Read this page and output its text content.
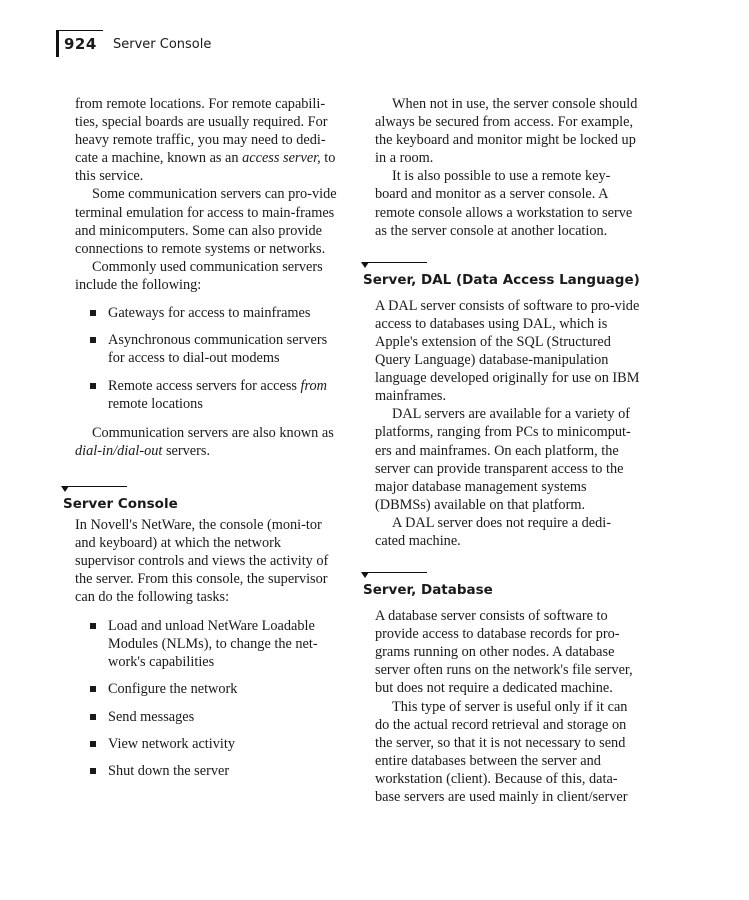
924 Server Console

from remote locations. For remote capabili-ties, special boards are usually required. For heavy remote traffic, you may need to dedi-cate a machine, known as an access server, to this service.

Some communication servers can pro-vide terminal emulation for access to main-frames and minicomputers. Some can also provide connections to remote systems or networks.

Commonly used communication servers include the following:

Gateways for access to mainframes

Asynchronous communication servers for access to dial-out modems

Remote access servers for access from remote locations

Communication servers are also known as dial-in/dial-out servers.

Server Console

In Novell's NetWare, the console (moni-tor and keyboard) at which the network supervisor controls and views the activity of the server. From this console, the supervisor can do the following tasks:

Load and unload NetWare Loadable Modules (NLMs), to change the net-work's capabilities

Configure the network

Send messages

View network activity

Shut down the server

When not in use, the server console should always be secured from access. For example, the keyboard and monitor might be locked up in a room.

It is also possible to use a remote key-board and monitor as a server console. A remote console allows a workstation to serve as the server console at another location.

Server, DAL (Data Access Language)

A DAL server consists of software to pro-vide access to databases using DAL, which is Apple's extension of the SQL (Structured Query Language) database-manipulation language developed originally for use on IBM mainframes.

DAL servers are available for a variety of platforms, ranging from PCs to minicomput-ers and mainframes. On each platform, the server can provide transparent access to the major database management systems (DBMSs) available on that platform.

A DAL server does not require a dedi-cated machine.

Server, Database

A database server consists of software to provide access to database records for pro-grams running on other nodes. A database server often runs on the network's file server, but does not require a dedicated machine.

This type of server is useful only if it can do the actual record retrieval and storage on the server, so that it is not necessary to send entire databases between the server and workstation (client). Because of this, data-base servers are used mainly in client/server
